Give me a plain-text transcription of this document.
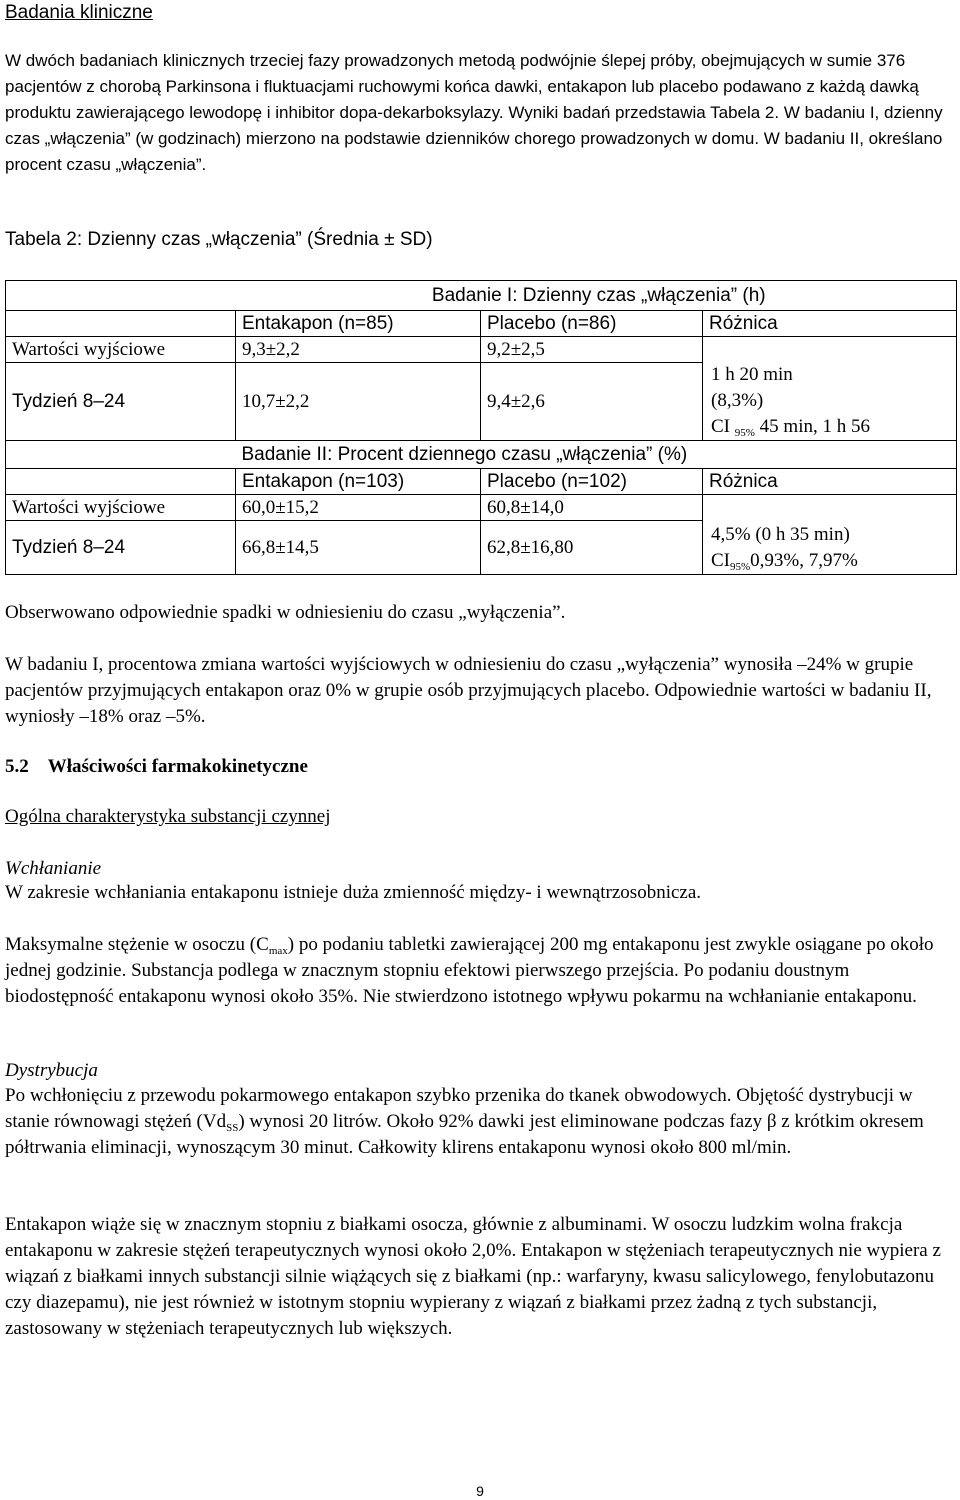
Badania kliniczne

W dwóch badaniach klinicznych trzeciej fazy prowadzonych metodą podwójnie ślepej próby, obejmujących w sumie 376 pacjentów z chorobą Parkinsona i fluktuacjami ruchowymi końca dawki, entakapon lub placebo podawano z każdą dawką produktu zawierającego lewodopę i inhibitor dopa-dekarboksylazy. Wyniki badań przedstawia Tabela 2. W badaniu I, dzienny czas „włączenia” (w godzinach) mierzono na podstawie dzienników chorego prowadzonych w domu. W badaniu II, określano procent czasu „włączenia”.

Tabela 2: Dzienny czas „włączenia” (Średnia ± SD)

	Badanie I: Dzienny czas „włączenia” (h)		
	Entakapon (n=85)	Placebo (n=86)	Różnica
Wartości wyjściowe	9,3±2,2	9,2±2,5	1 h 20 min
(8,3%)
CI $_{95\%}$ 45 min, 1 h 56

Tydzień 8–24	10,7±2,2	9,4±2,6	
	Badanie II: Procent dziennego czasu „włączenia” (%)		
	Entakapon (n=103)	Placebo (n=102)	Różnica
Wartości wyjściowe	60,0±15,2	60,8±14,0	4,5% (0 h 35 min)
$CI_{95\%}0,93\%$, 7,97%

Tydzień 8–24	66,8±14,5	62,8±16,80	

Obserwowano odpowiednie spadki w odniesieniu do czasu „wyłączenia”.

W badaniu I, procentowa zmiana wartości wyjściowych w odniesieniu do czasu „wyłączenia” wynosiła –24% w grupie pacjentów przyjmujących entakapon oraz 0% w grupie osób przyjmujących placebo. Odpowiednie wartości w badaniu II, wyniosły –18% oraz –5%.

5.2 Właściwości farmakokinetyczne

Ogólna charakterystyka substancji czynnej

Wchłanianie

W zakresie wchłaniania entakaponu istnieje duża zmienność między- i wewnątrzosobnicza.

Maksymalne stężenie w osoczu $(C_{max})$ po podaniu tabletki zawierającej 200 mg entakaponu jest zwykle osiągane po około jednej godzinie. Substancja podlega w znacznym stopniu efektowi pierwszego przejścia. Po podaniu doustnym biodostępność entakaponu wynosi około 35%. Nie stwierdzono istotnego wpływu pokarmu na wchłanianie entakaponu.

Dystrybucja

Po wchłonięciu z przewodu pokarmowego entakapon szybko przenika do tkanek obwodowych. Objętość dystrybucji w stanie równowagi stężeń $(Vd_{SS})$ wynosi 20 litrów. Około 92% dawki jest eliminowane podczas fazy β z krótkim okresem półtrwania eliminacji, wynoszącym 30 minut. Całkowity klirens entakaponu wynosi około 800 ml/min.

Entakapon wiąże się w znacznym stopniu z białkami osocza, głównie z albuminami. W osoczu ludzkim wolna frakcja entakaponu w zakresie stężeń terapeutycznych wynosi około 2,0%. Entakapon w stężeniach terapeutycznych nie wypiera z wiązań z białkami innych substancji silnie wiążących się z białkami (np.: warfaryny, kwasu salicylowego, fenylobutazonu czy diazepamu), nie jest również w istotnym stopniu wypierany z wiązań z białkami przez żadną z tych substancji, zastosowany w stężeniach terapeutycznych lub większych.

9
